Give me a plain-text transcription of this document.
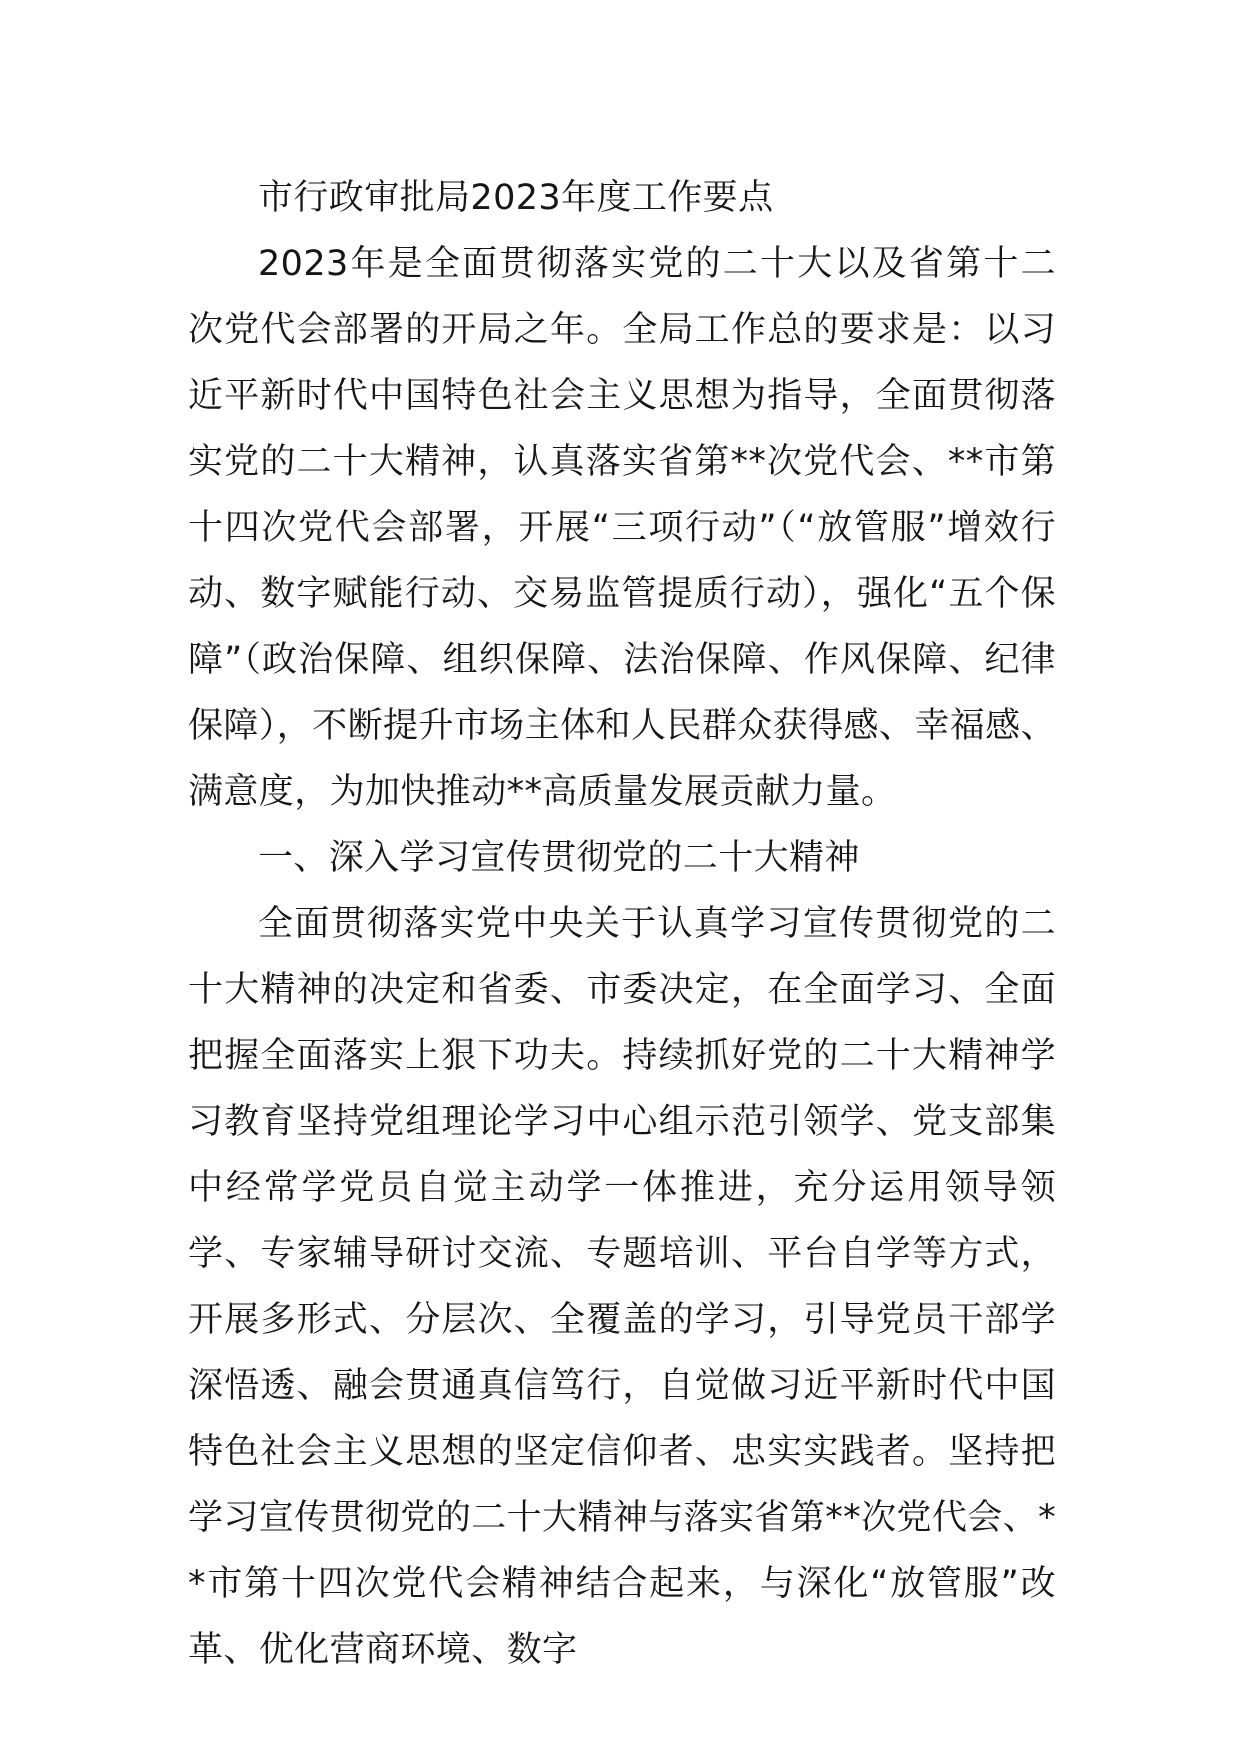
市行政审批局2023年度工作要点

2023年是全面贯彻落实党的二十大以及省第十二次党代会部署的开局之年。全局工作总的要求是：以习近平新时代中国特色社会主义思想为指导，全面贯彻落实党的二十大精神，认真落实省第**次党代会、**市第十四次党代会部署，开展“三项行动”（“放管服”增效行动、数字赋能行动、交易监管提质行动），强化“五个保障”（政治保障、组织保障、法治保障、作风保障、纪律保障），不断提升市场主体和人民群众获得感、幸福感、满意度，为加快推动**高质量发展贡献力量。

一、深入学习宣传贯彻党的二十大精神

全面贯彻落实党中央关于认真学习宣传贯彻党的二十大精神的决定和省委、市委决定，在全面学习、全面把握全面落实上狠下功夫。持续抓好党的二十大精神学习教育坚持党组理论学习中心组示范引领学、党支部集中经常学党员自觉主动学一体推进，充分运用领导领学、专家辅导研讨交流、专题培训、平台自学等方式，开展多形式、分层次、全覆盖的学习，引导党员干部学深悟透、融会贯通真信笃行，自觉做习近平新时代中国特色社会主义思想的坚定信仰者、忠实实践者。坚持把学习宣传贯彻党的二十大精神与落实省第**次党代会、**市第十四次党代会精神结合起来，与深化“放管服”改革、优化营商环境、数字
